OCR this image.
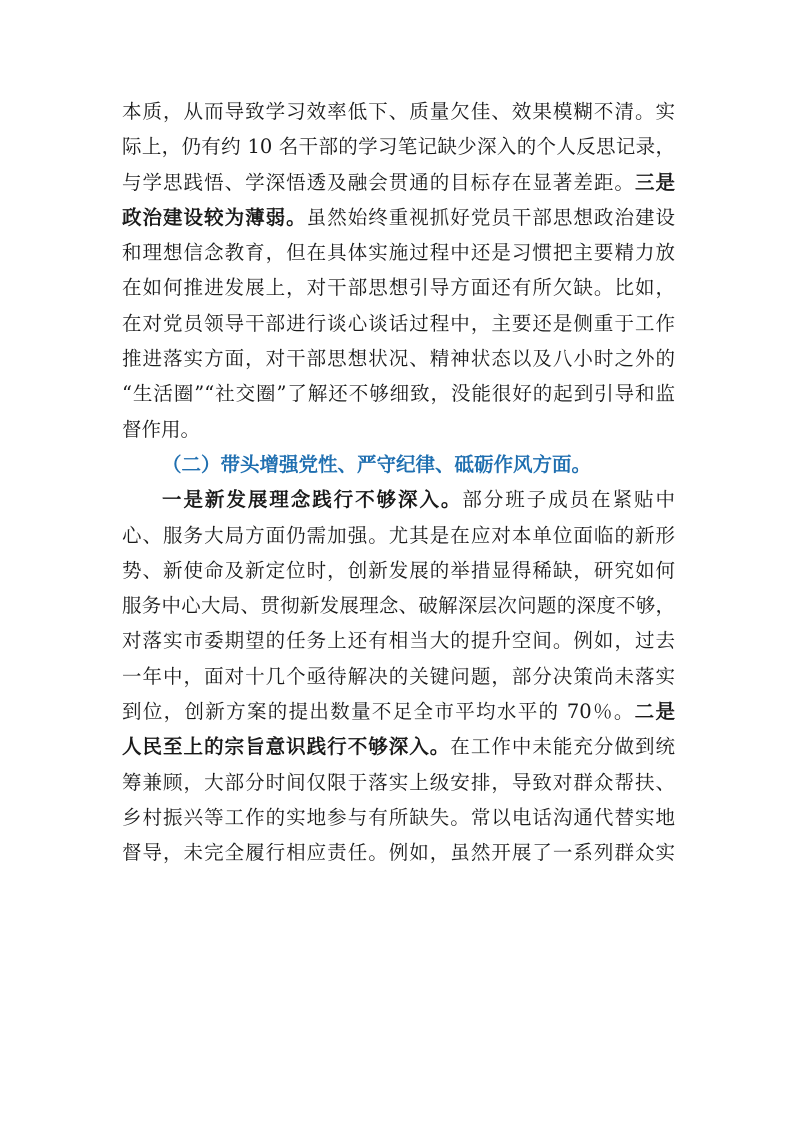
本质，从而导致学习效率低下、质量欠佳、效果模糊不清。实
际上，仍有约 10 名干部的学习笔记缺少深入的个人反思记录，
与学思践悟、学深悟透及融会贯通的目标存在显著差距。三是
政治建设较为薄弱。虽然始终重视抓好党员干部思想政治建设
和理想信念教育，但在具体实施过程中还是习惯把主要精力放
在如何推进发展上，对干部思想引导方面还有所欠缺。比如，
在对党员领导干部进行谈心谈话过程中，主要还是侧重于工作
推进落实方面，对干部思想状况、精神状态以及八小时之外的
“生活圈”“社交圈”了解还不够细致，没能很好的起到引导和监
督作用。
（二）带头增强党性、严守纪律、砥砺作风方面。
一是新发展理念践行不够深入。部分班子成员在紧贴中
心、服务大局方面仍需加强。尤其是在应对本单位面临的新形
势、新使命及新定位时，创新发展的举措显得稀缺，研究如何
服务中心大局、贯彻新发展理念、破解深层次问题的深度不够，
对落实市委期望的任务上还有相当大的提升空间。例如，过去
一年中，面对十几个亟待解决的关键问题，部分决策尚未落实
到位，创新方案的提出数量不足全市平均水平的 70％。二是
人民至上的宗旨意识践行不够深入。在工作中未能充分做到统
筹兼顾，大部分时间仅限于落实上级安排，导致对群众帮扶、
乡村振兴等工作的实地参与有所缺失。常以电话沟通代替实地
督导，未完全履行相应责任。例如，虽然开展了一系列群众实
